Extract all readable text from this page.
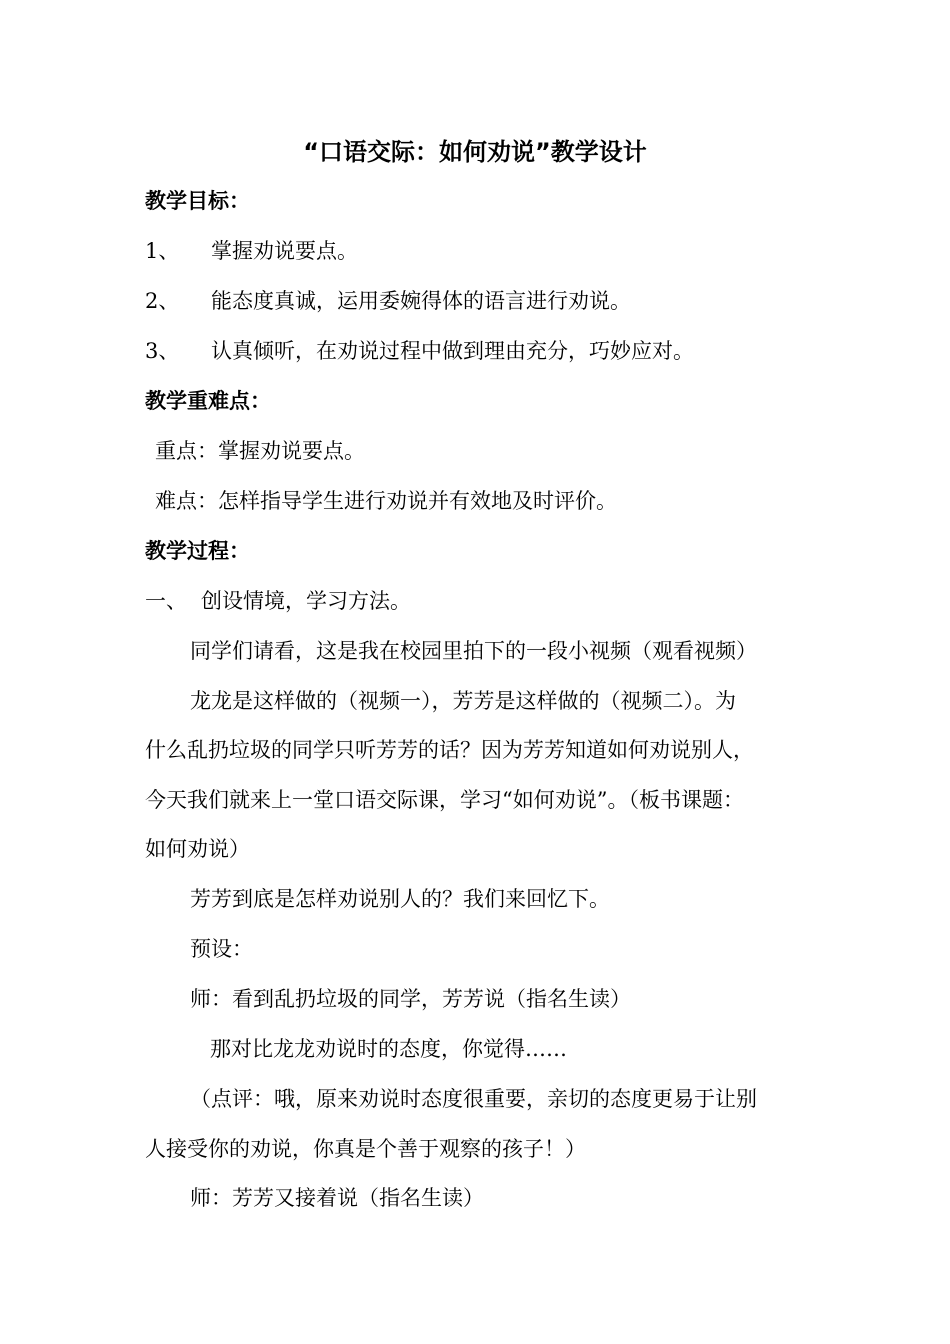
“口语交际：如何劝说”教学设计
教学目标：
1、 掌握劝说要点。
2、 能态度真诚，运用委婉得体的语言进行劝说。
3、 认真倾听，在劝说过程中做到理由充分，巧妙应对。
教学重难点：
重点：掌握劝说要点。
难点：怎样指导学生进行劝说并有效地及时评价。
教学过程：
一、 创设情境，学习方法。
同学们请看，这是我在校园里拍下的一段小视频（观看视频）
龙龙是这样做的（视频一），芳芳是这样做的（视频二）。为
什么乱扔垃圾的同学只听芳芳的话？因为芳芳知道如何劝说别人，
今天我们就来上一堂口语交际课，学习“如何劝说”。（板书课题：
如何劝说）
芳芳到底是怎样劝说别人的？我们来回忆下。
预设：
师：看到乱扔垃圾的同学，芳芳说（指名生读）
那对比龙龙劝说时的态度，你觉得……
（点评：哦，原来劝说时态度很重要，亲切的态度更易于让别
人接受你的劝说，你真是个善于观察的孩子！）
师：芳芳又接着说（指名生读）
